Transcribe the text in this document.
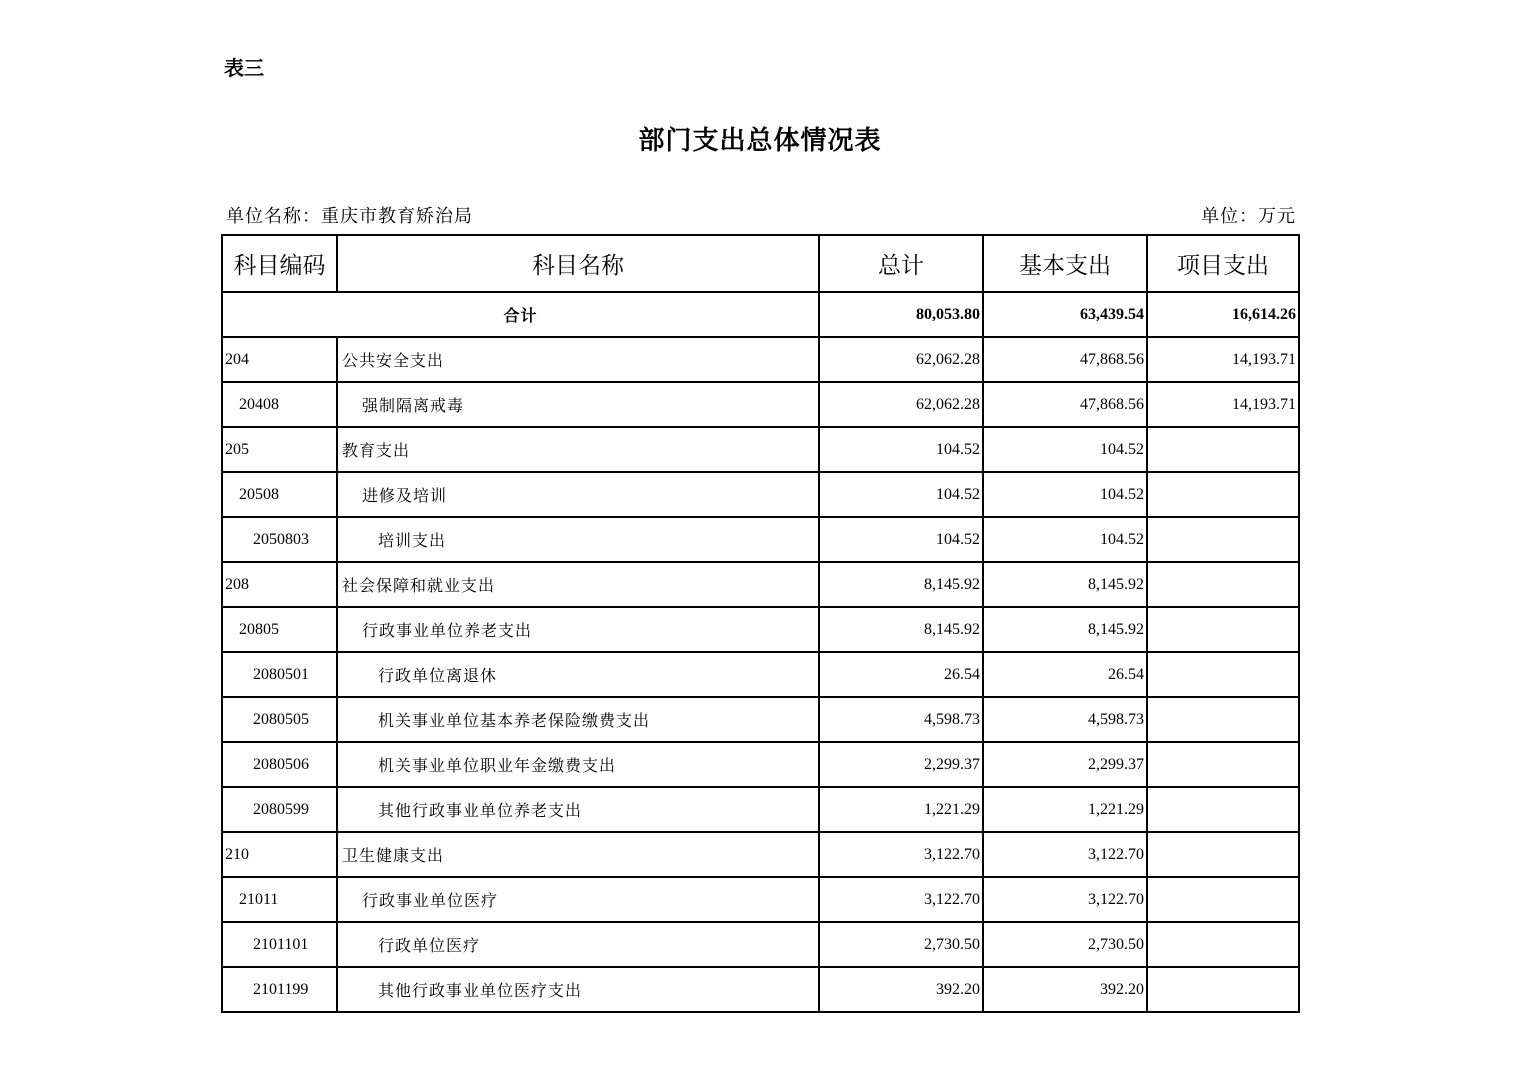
表三
部门支出总体情况表
单位名称：重庆市教育矫治局	单位：万元
科目编码	科目名称	总计	基本支出	项目支出
合计		80,053.80	63,439.54	16,614.26
204	公共安全支出	62,062.28	47,868.56	14,193.71
20408	强制隔离戒毒	62,062.28	47,868.56	14,193.71
205	教育支出	104.52	104.52	
20508	进修及培训	104.52	104.52	
2050803	培训支出	104.52	104.52	
208	社会保障和就业支出	8,145.92	8,145.92	
20805	行政事业单位养老支出	8,145.92	8,145.92	
2080501	行政单位离退休	26.54	26.54	
2080505	机关事业单位基本养老保险缴费支出	4,598.73	4,598.73	
2080506	机关事业单位职业年金缴费支出	2,299.37	2,299.37	
2080599	其他行政事业单位养老支出	1,221.29	1,221.29	
210	卫生健康支出	3,122.70	3,122.70	
21011	行政事业单位医疗	3,122.70	3,122.70	
2101101	行政单位医疗	2,730.50	2,730.50	
2101199	其他行政事业单位医疗支出	392.20	392.20	
